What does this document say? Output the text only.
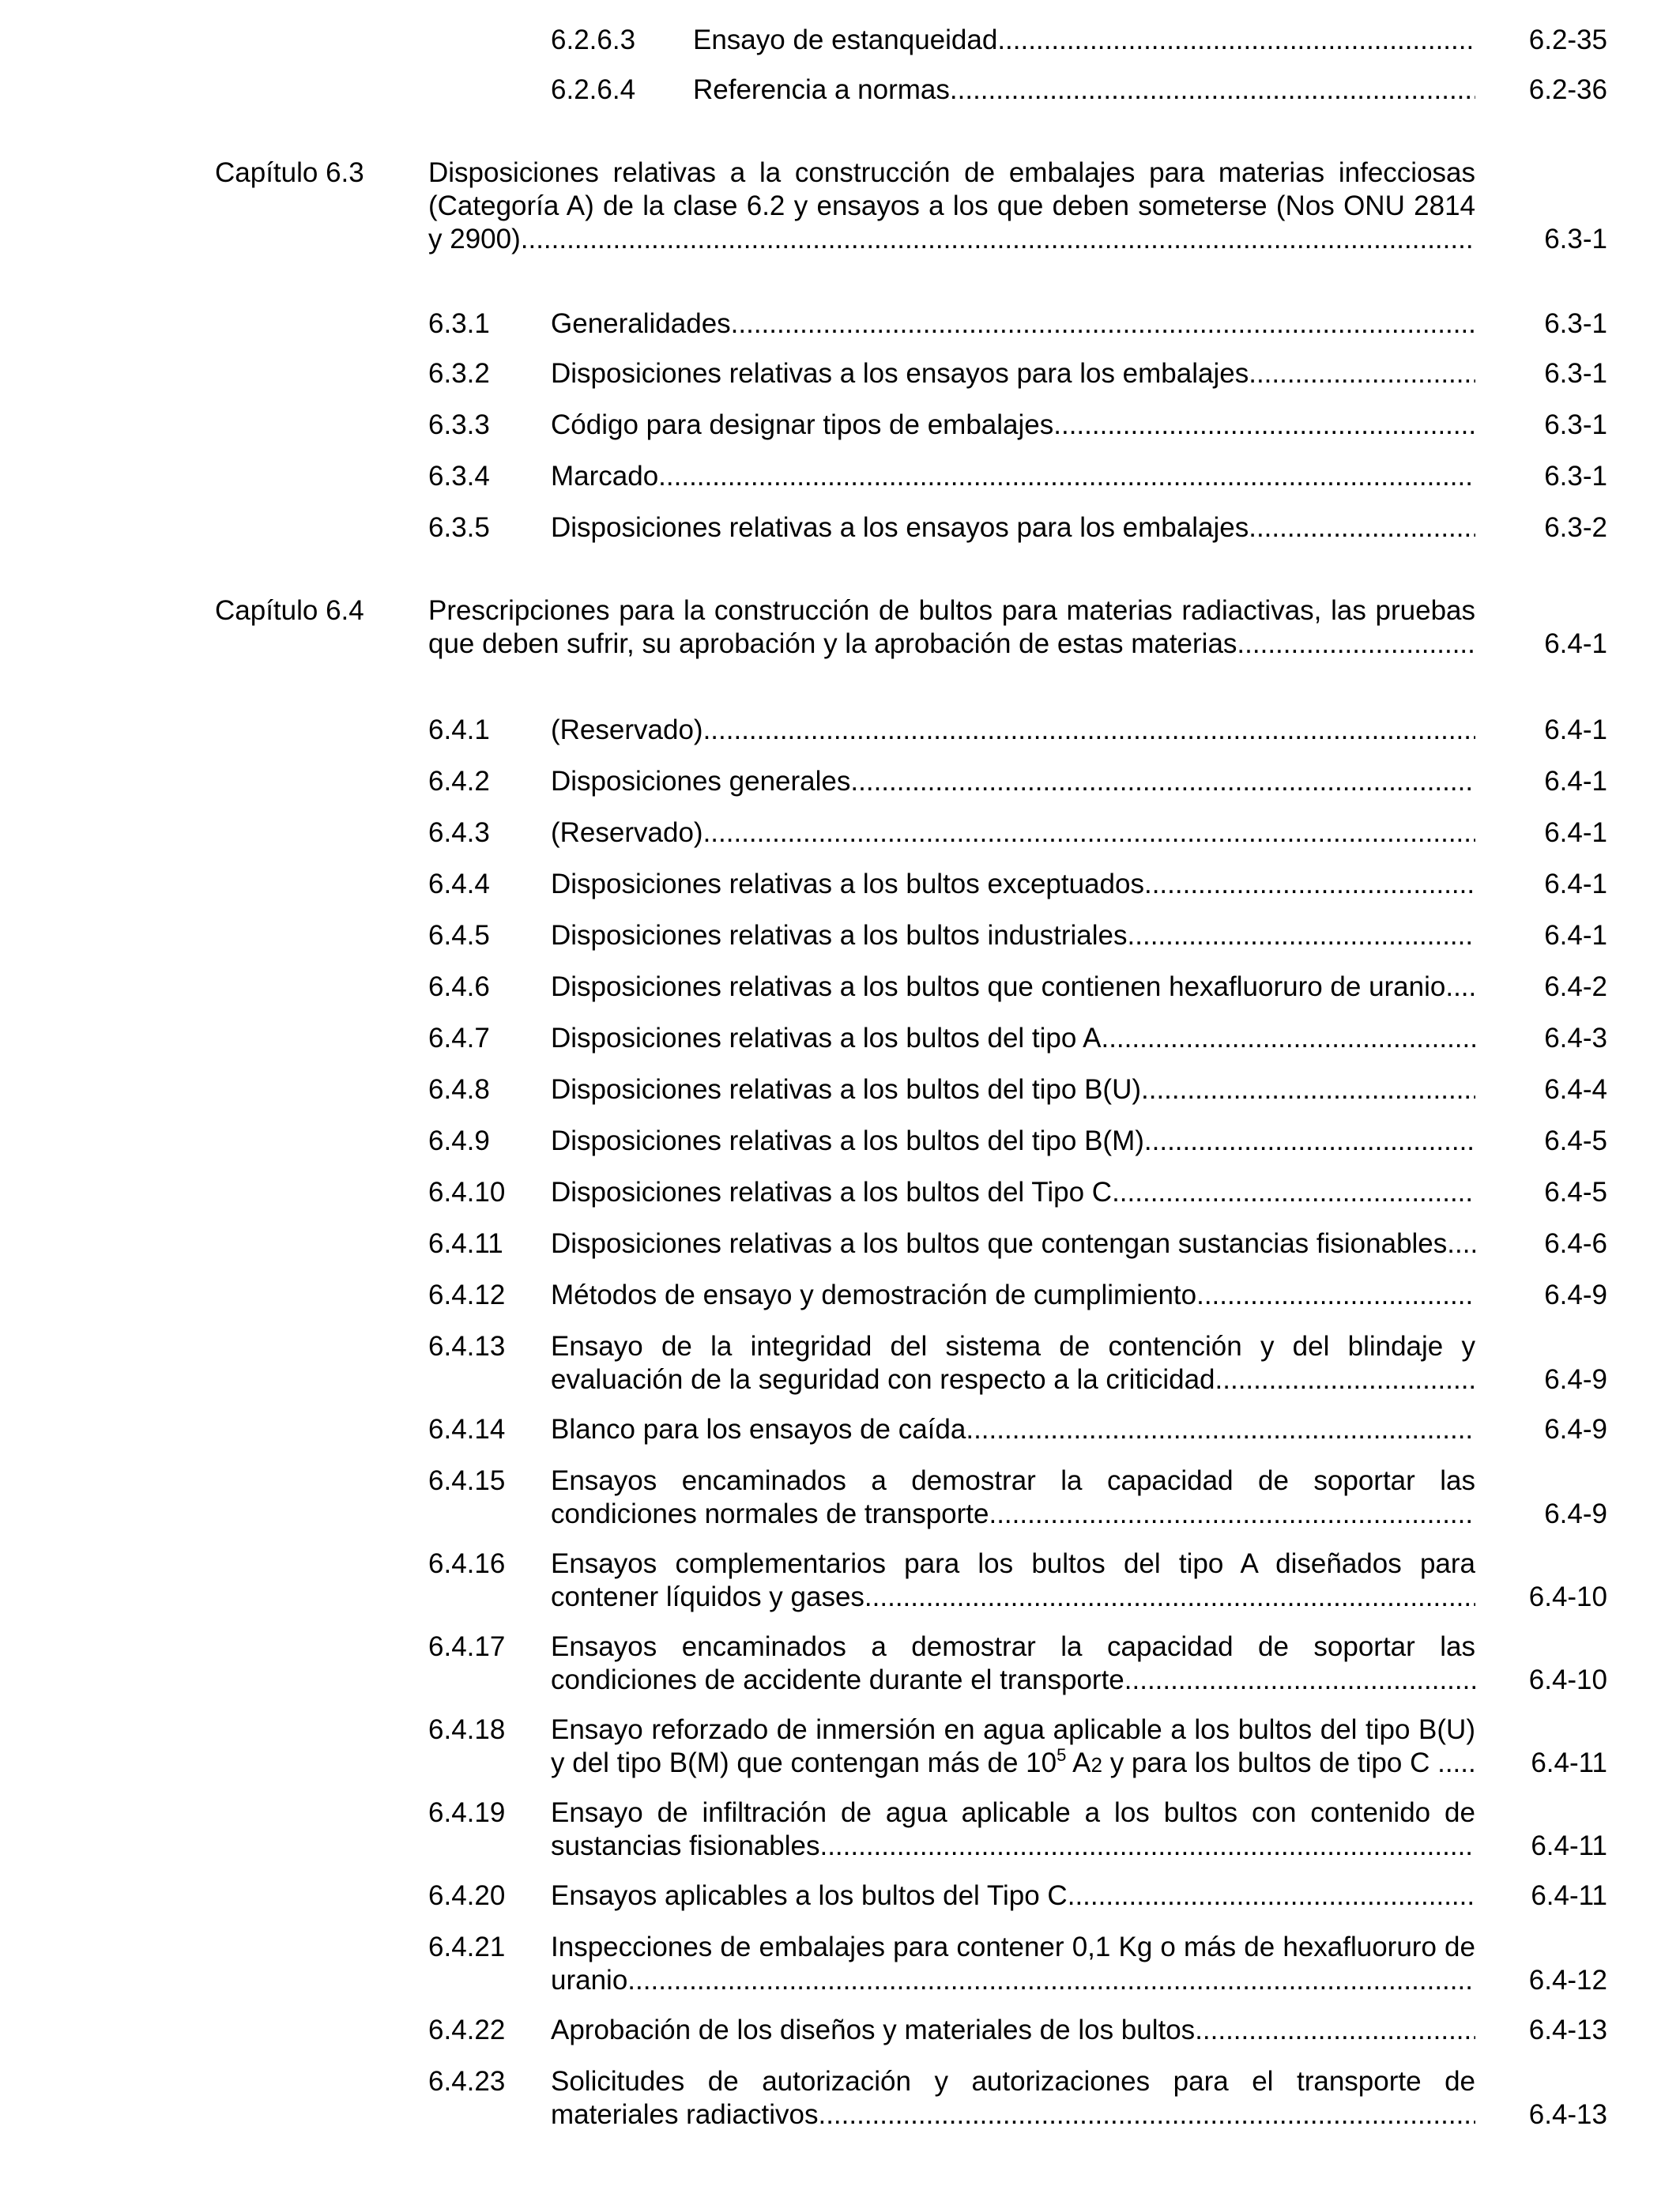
6.2.6.3 Ensayo de estanqueidad .....	6.2-35
6.2.6.4 Referencia a normas .....	6.2-36
Capítulo 6.3 Disposiciones relativas a la construcción de embalajes para materias infecciosas
(Categoría A) de la clase 6.2 y ensayos a los que deben someterse (Nos ONU 2814
y 2900) .....	6.3-1
6.3.1 Generalidades .....	6.3-1
6.3.2 Disposiciones relativas a los ensayos para los embalajes .....	6.3-1
6.3.3 Código para designar tipos de embalajes .....	6.3-1
6.3.4 Marcado .....	6.3-1
6.3.5 Disposiciones relativas a los ensayos para los embalajes .....	6.3-2
Capítulo 6.4 Prescripciones para la construcción de bultos para materias radiactivas, las pruebas
que deben sufrir, su aprobación y la aprobación de estas materias .....	6.4-1
6.4.1 (Reservado) .....	6.4-1
6.4.2 Disposiciones generales .....	6.4-1
6.4.3 (Reservado) .....	6.4-1
6.4.4 Disposiciones relativas a los bultos exceptuados .....	6.4-1
6.4.5 Disposiciones relativas a los bultos industriales .....	6.4-1
6.4.6 Disposiciones relativas a los bultos que contienen hexafluoruro de uranio .....	6.4-2
6.4.7 Disposiciones relativas a los bultos del tipo A .....	6.4-3
6.4.8 Disposiciones relativas a los bultos del tipo B(U) .....	6.4-4
6.4.9 Disposiciones relativas a los bultos del tipo B(M) .....	6.4-5
6.4.10 Disposiciones relativas a los bultos del Tipo C .....	6.4-5
6.4.11 Disposiciones relativas a los bultos que contengan sustancias fisionables .....	6.4-6
6.4.12 Métodos de ensayo y demostración de cumplimiento .....	6.4-9
6.4.13 Ensayo de la integridad del sistema de contención y del blindaje y
evaluación de la seguridad con respecto a la criticidad .....	6.4-9
6.4.14 Blanco para los ensayos de caída .....	6.4-9
6.4.15 Ensayos encaminados a demostrar la capacidad de soportar las
condiciones normales de transporte .....	6.4-9
6.4.16 Ensayos complementarios para los bultos del tipo A diseñados para
contener líquidos y gases .....	6.4-10
6.4.17 Ensayos encaminados a demostrar la capacidad de soportar las
condiciones de accidente durante el transporte .....	6.4-10
6.4.18 Ensayo reforzado de inmersión en agua aplicable a los bultos del tipo B(U)
y del tipo B(M) que contengan más de $10^5$ A2 y para los bultos de tipo C .....	6.4-11
6.4.19 Ensayo de infiltración de agua aplicable a los bultos con contenido de
sustancias fisionables .....	6.4-11
6.4.20 Ensayos aplicables a los bultos del Tipo C .....	6.4-11
6.4.21 Inspecciones de embalajes para contener 0,1 Kg o más de hexafluoruro de
uranio .....	6.4-12
6.4.22 Aprobación de los diseños y materiales de los bultos .....	6.4-13
6.4.23 Solicitudes de autorización y autorizaciones para el transporte de
materiales radiactivos .....	6.4-13
